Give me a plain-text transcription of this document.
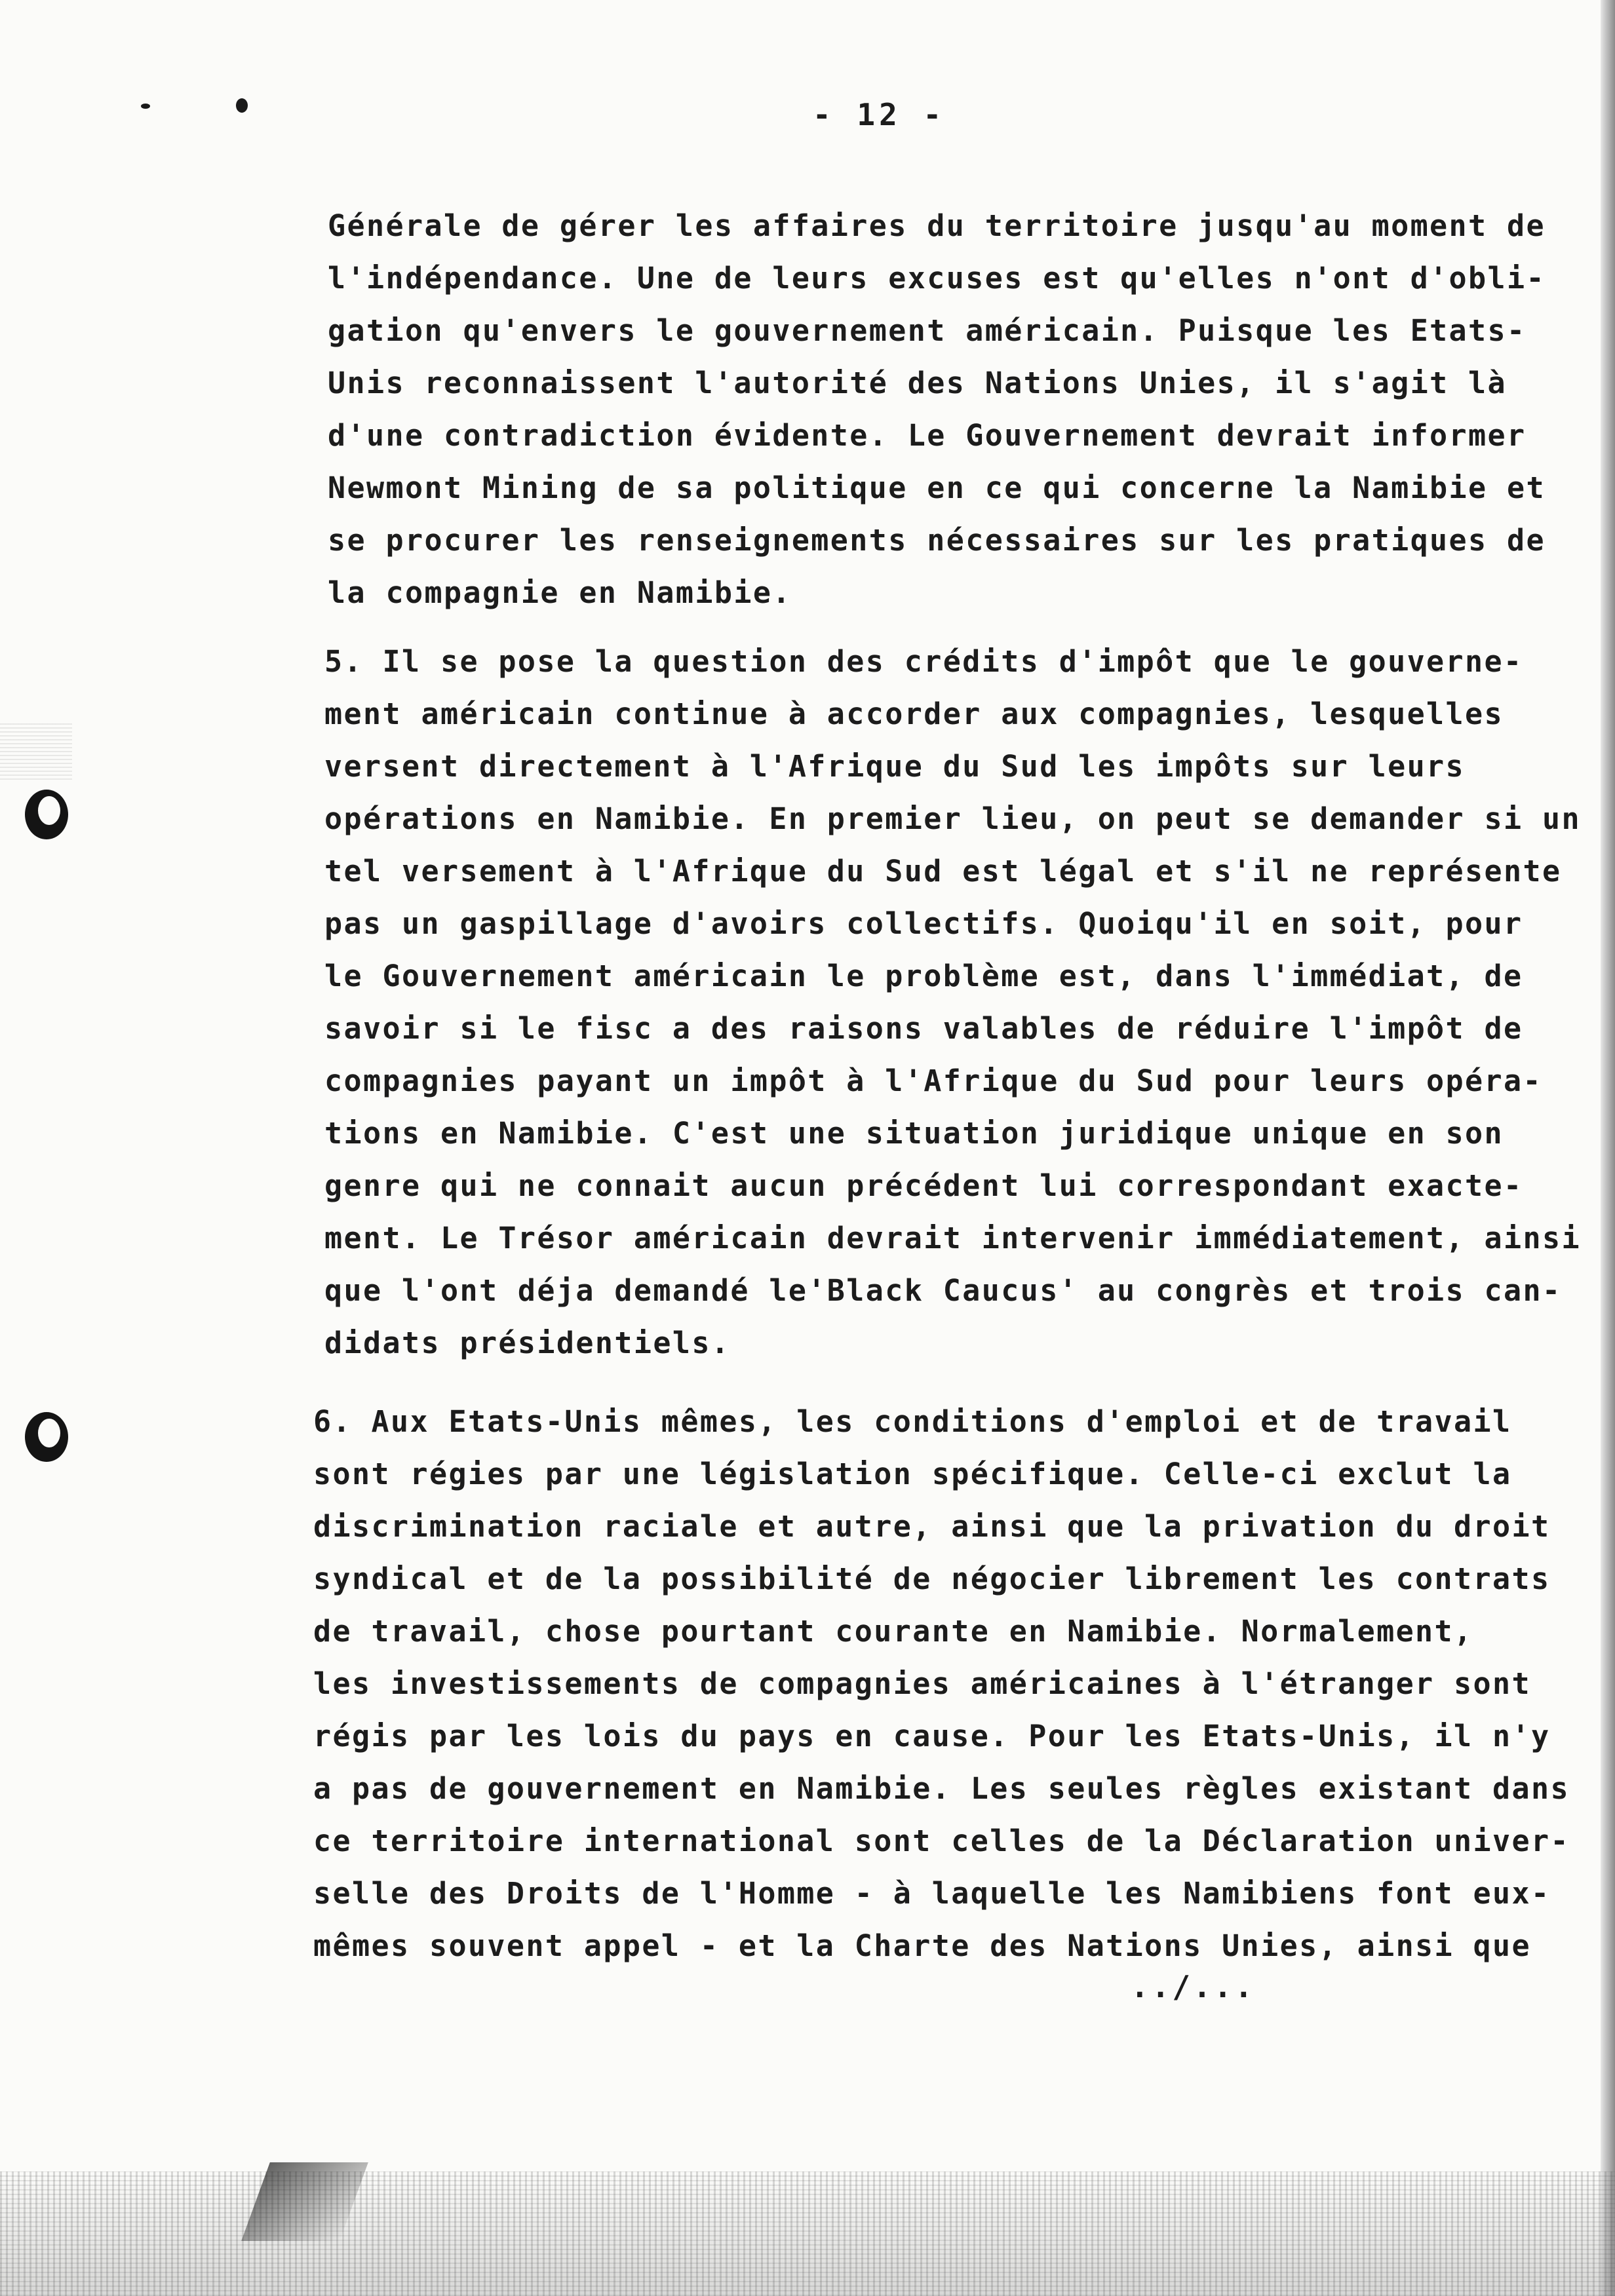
- 12 -
Générale de gérer les affaires du territoire jusqu'au moment de
l'indépendance. Une de leurs excuses est qu'elles n'ont d'obli-
gation qu'envers le gouvernement américain. Puisque les Etats-
Unis reconnaissent l'autorité des Nations Unies, il s'agit là
d'une contradiction évidente. Le Gouvernement devrait informer
Newmont Mining de sa politique en ce qui concerne la Namibie et
se procurer les renseignements nécessaires sur les pratiques de
la compagnie en Namibie.
5. Il se pose la question des crédits d'impôt que le gouverne-
ment américain continue à accorder aux compagnies, lesquelles
versent directement à l'Afrique du Sud les impôts sur leurs
opérations en Namibie. En premier lieu, on peut se demander si un
tel versement à l'Afrique du Sud est légal et s'il ne représente
pas un gaspillage d'avoirs collectifs. Quoiqu'il en soit, pour
le Gouvernement américain le problème est, dans l'immédiat, de
savoir si le fisc a des raisons valables de réduire l'impôt de
compagnies payant un impôt à l'Afrique du Sud pour leurs opéra-
tions en Namibie. C'est une situation juridique unique en son
genre qui ne connait aucun précédent lui correspondant exacte-
ment. Le Trésor américain devrait intervenir immédiatement, ainsi
que l'ont déja demandé le'Black Caucus' au congrès et trois can-
didats présidentiels.
6. Aux Etats-Unis mêmes, les conditions d'emploi et de travail
sont régies par une législation spécifique. Celle-ci exclut la
discrimination raciale et autre, ainsi que la privation du droit
syndical et de la possibilité de négocier librement les contrats
de travail, chose pourtant courante en Namibie. Normalement,
les investissements de compagnies américaines à l'étranger sont
régis par les lois du pays en cause. Pour les Etats-Unis, il n'y
a pas de gouvernement en Namibie. Les seules règles existant dans
ce territoire international sont celles de la Déclaration univer-
selle des Droits de l'Homme - à laquelle les Namibiens font eux-
mêmes souvent appel - et la Charte des Nations Unies, ainsi que
../...
